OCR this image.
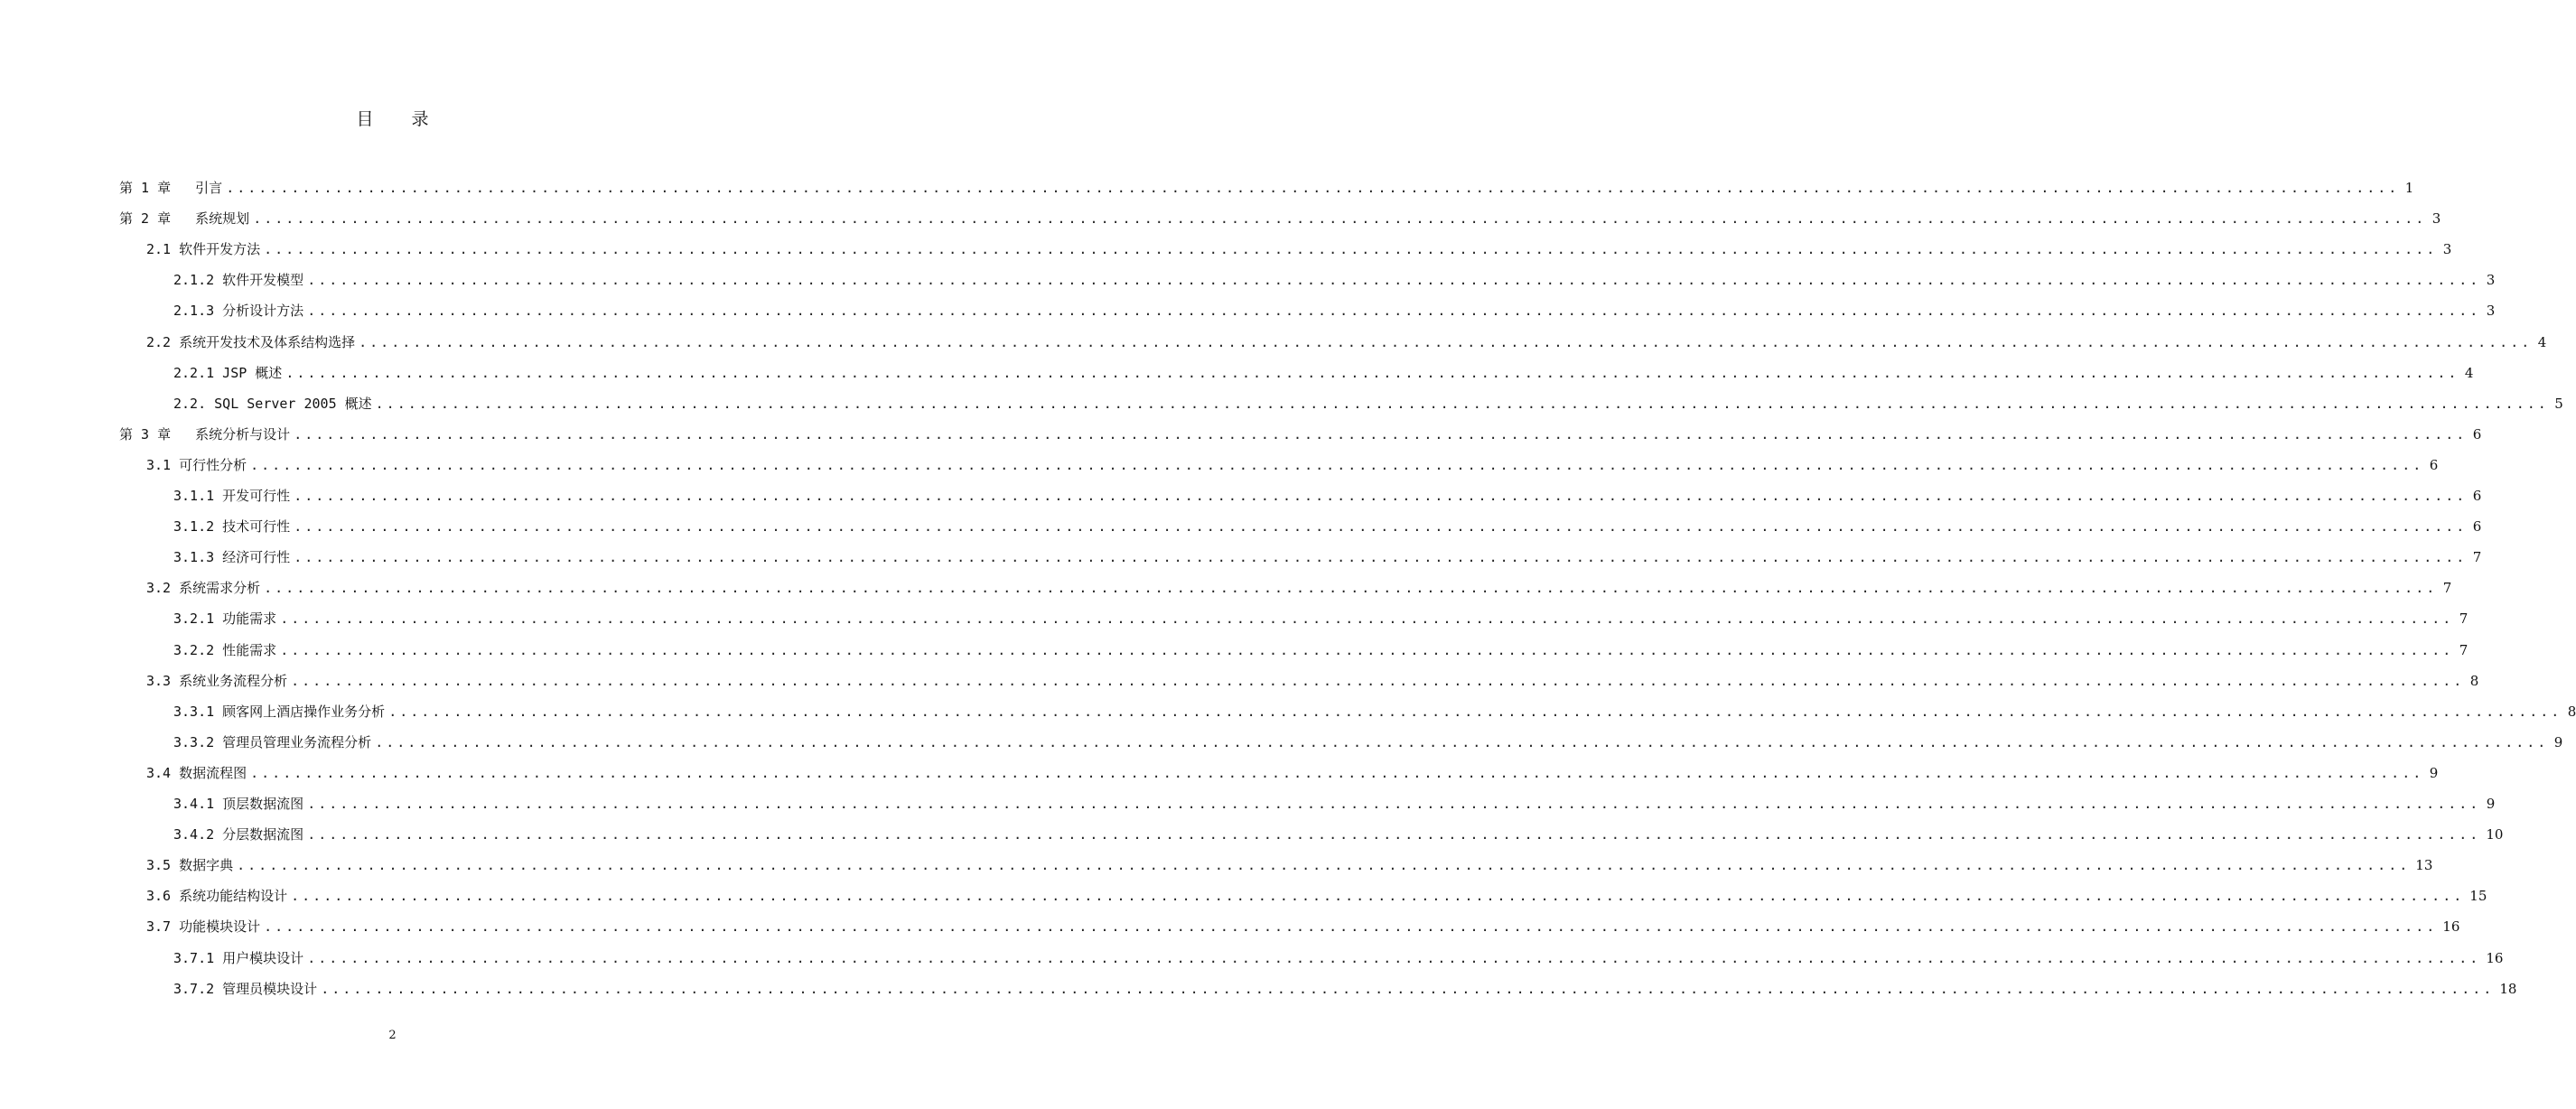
目 录
第 1 章   引言 ........................................................................................................................................................................................................ 1
第 2 章   系统规划 ........................................................................................................................................................................................................ 3
2.1 软件开发方法 ........................................................................................................................................................................................................ 3
2.1.2 软件开发模型 ........................................................................................................................................................................................................ 3
2.1.3 分析设计方法 ........................................................................................................................................................................................................ 3
2.2 系统开发技术及体系结构选择 ........................................................................................................................................................................................................ 4
2.2.1 JSP 概述 ........................................................................................................................................................................................................ 4
2.2. SQL Server 2005 概述 ........................................................................................................................................................................................................ 5
第 3 章   系统分析与设计 ........................................................................................................................................................................................................ 6
3.1 可行性分析 ........................................................................................................................................................................................................ 6
3.1.1 开发可行性 ........................................................................................................................................................................................................ 6
3.1.2 技术可行性 ........................................................................................................................................................................................................ 6
3.1.3 经济可行性 ........................................................................................................................................................................................................ 7
3.2 系统需求分析 ........................................................................................................................................................................................................ 7
3.2.1 功能需求 ........................................................................................................................................................................................................ 7
3.2.2 性能需求 ........................................................................................................................................................................................................ 7
3.3 系统业务流程分析 ........................................................................................................................................................................................................ 8
3.3.1 顾客网上酒店操作业务分析 ........................................................................................................................................................................................................ 8
3.3.2 管理员管理业务流程分析 ........................................................................................................................................................................................................ 9
3.4 数据流程图 ........................................................................................................................................................................................................ 9
3.4.1 顶层数据流图 ........................................................................................................................................................................................................ 9
3.4.2 分层数据流图 ........................................................................................................................................................................................................ 10
3.5 数据字典 ........................................................................................................................................................................................................ 13
3.6 系统功能结构设计 ........................................................................................................................................................................................................ 15
3.7 功能模块设计 ........................................................................................................................................................................................................ 16
3.7.1 用户模块设计 ........................................................................................................................................................................................................ 16
3.7.2 管理员模块设计 ........................................................................................................................................................................................................ 18
2
